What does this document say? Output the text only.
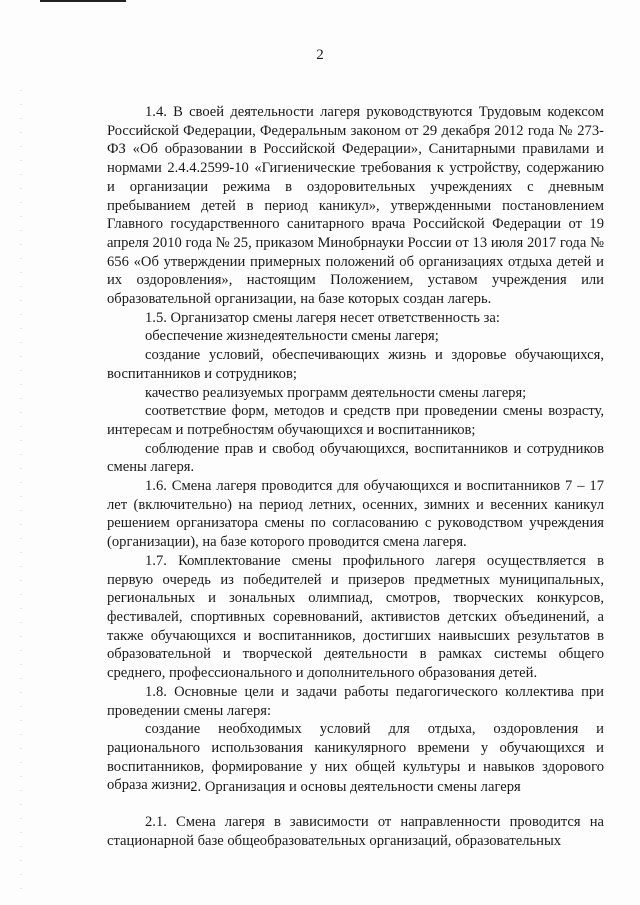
2

1.4. В своей деятельности лагеря руководствуются Трудовым кодексом Российской Федерации, Федеральным законом от 29 декабря 2012 года № 273-ФЗ «Об образовании в Российской Федерации», Санитарными правилами и нормами 2.4.4.2599-10 «Гигиенические требования к устройству, содержанию и организации режима в оздоровительных учреждениях с дневным пребыванием детей в период каникул», утвержденными постановлением Главного государственного санитарного врача Российской Федерации от 19 апреля 2010 года № 25, приказом Минобрнауки России от 13 июля 2017 года № 656 «Об утверждении примерных положений об организациях отдыха детей и их оздоровления», настоящим Положением, уставом учреждения или образовательной организации, на базе которых создан лагерь.

1.5. Организатор смены лагеря несет ответственность за:

обеспечение жизнедеятельности смены лагеря;

создание условий, обеспечивающих жизнь и здоровье обучающихся, воспитанников и сотрудников;

качество реализуемых программ деятельности смены лагеря;

соответствие форм, методов и средств при проведении смены возрасту, интересам и потребностям обучающихся и воспитанников;

соблюдение прав и свобод обучающихся, воспитанников и сотрудников смены лагеря.

1.6. Смена лагеря проводится для обучающихся и воспитанников 7 – 17 лет (включительно) на период летних, осенних, зимних и весенних каникул решением организатора смены по согласованию с руководством учреждения (организации), на базе которого проводится смена лагеря.

1.7. Комплектование смены профильного лагеря осуществляется в первую очередь из победителей и призеров предметных муниципальных, региональных и зональных олимпиад, смотров, творческих конкурсов, фестивалей, спортивных соревнований, активистов детских объединений, а также обучающихся и воспитанников, достигших наивысших результатов в образовательной и творческой деятельности в рамках системы общего среднего, профессионального и дополнительного образования детей.

1.8. Основные цели и задачи работы педагогического коллектива при проведении смены лагеря:

создание необходимых условий для отдыха, оздоровления и рационального использования каникулярного времени у обучающихся и воспитанников, формирование у них общей культуры и навыков здорового образа жизни.

2. Организация и основы деятельности смены лагеря

2.1. Смена лагеря в зависимости от направленности проводится на стационарной базе общеобразовательных организаций, образовательных
